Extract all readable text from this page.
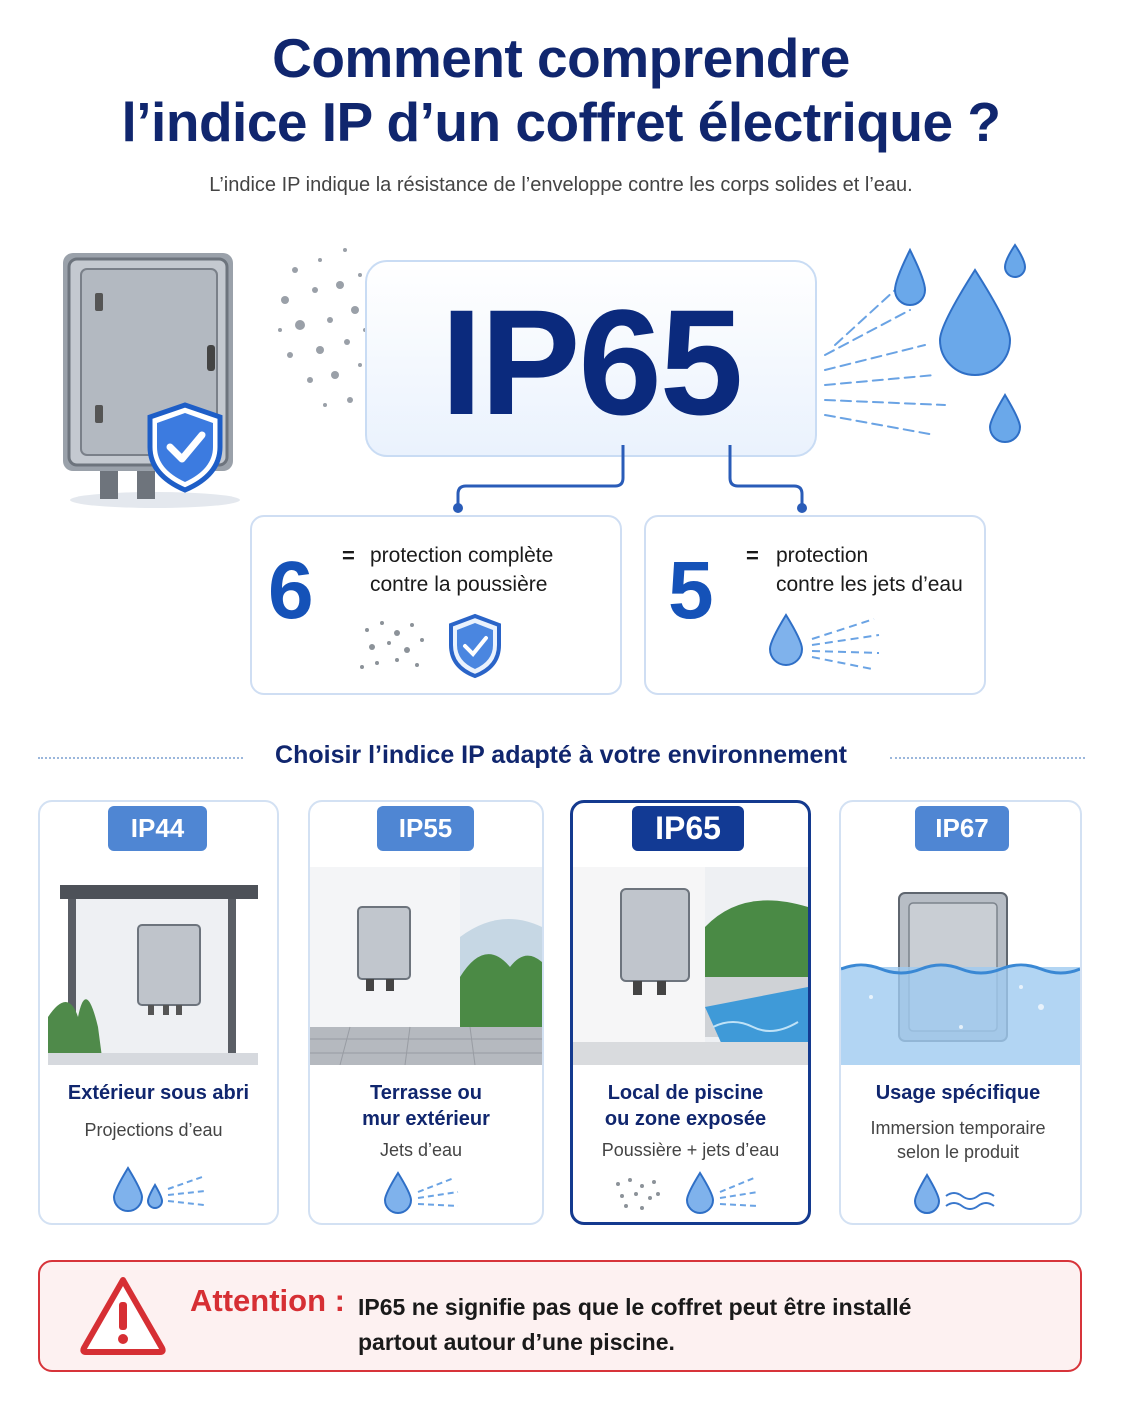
Comment comprendre
l’indice IP d’un coffret électrique ?
L’indice IP indique la résistance de l’enveloppe contre les corps solides et l’eau.
IP65
6 = protection complète
contre la poussière 5 = protection
contre les jets d’eau
Choisir l’indice IP adapté à votre environnement
IP44
Extérieur sous abri
Projections d’eau
IP55
Terrasse ou
mur extérieur
Jets d’eau
IP65
Local de piscine
ou zone exposée
Poussière + jets d’eau
IP67
Usage spécifique
Immersion temporaire
selon le produit
Attention : IP65 ne signifie pas que le coffret peut être installé
partout autour d’une piscine.
